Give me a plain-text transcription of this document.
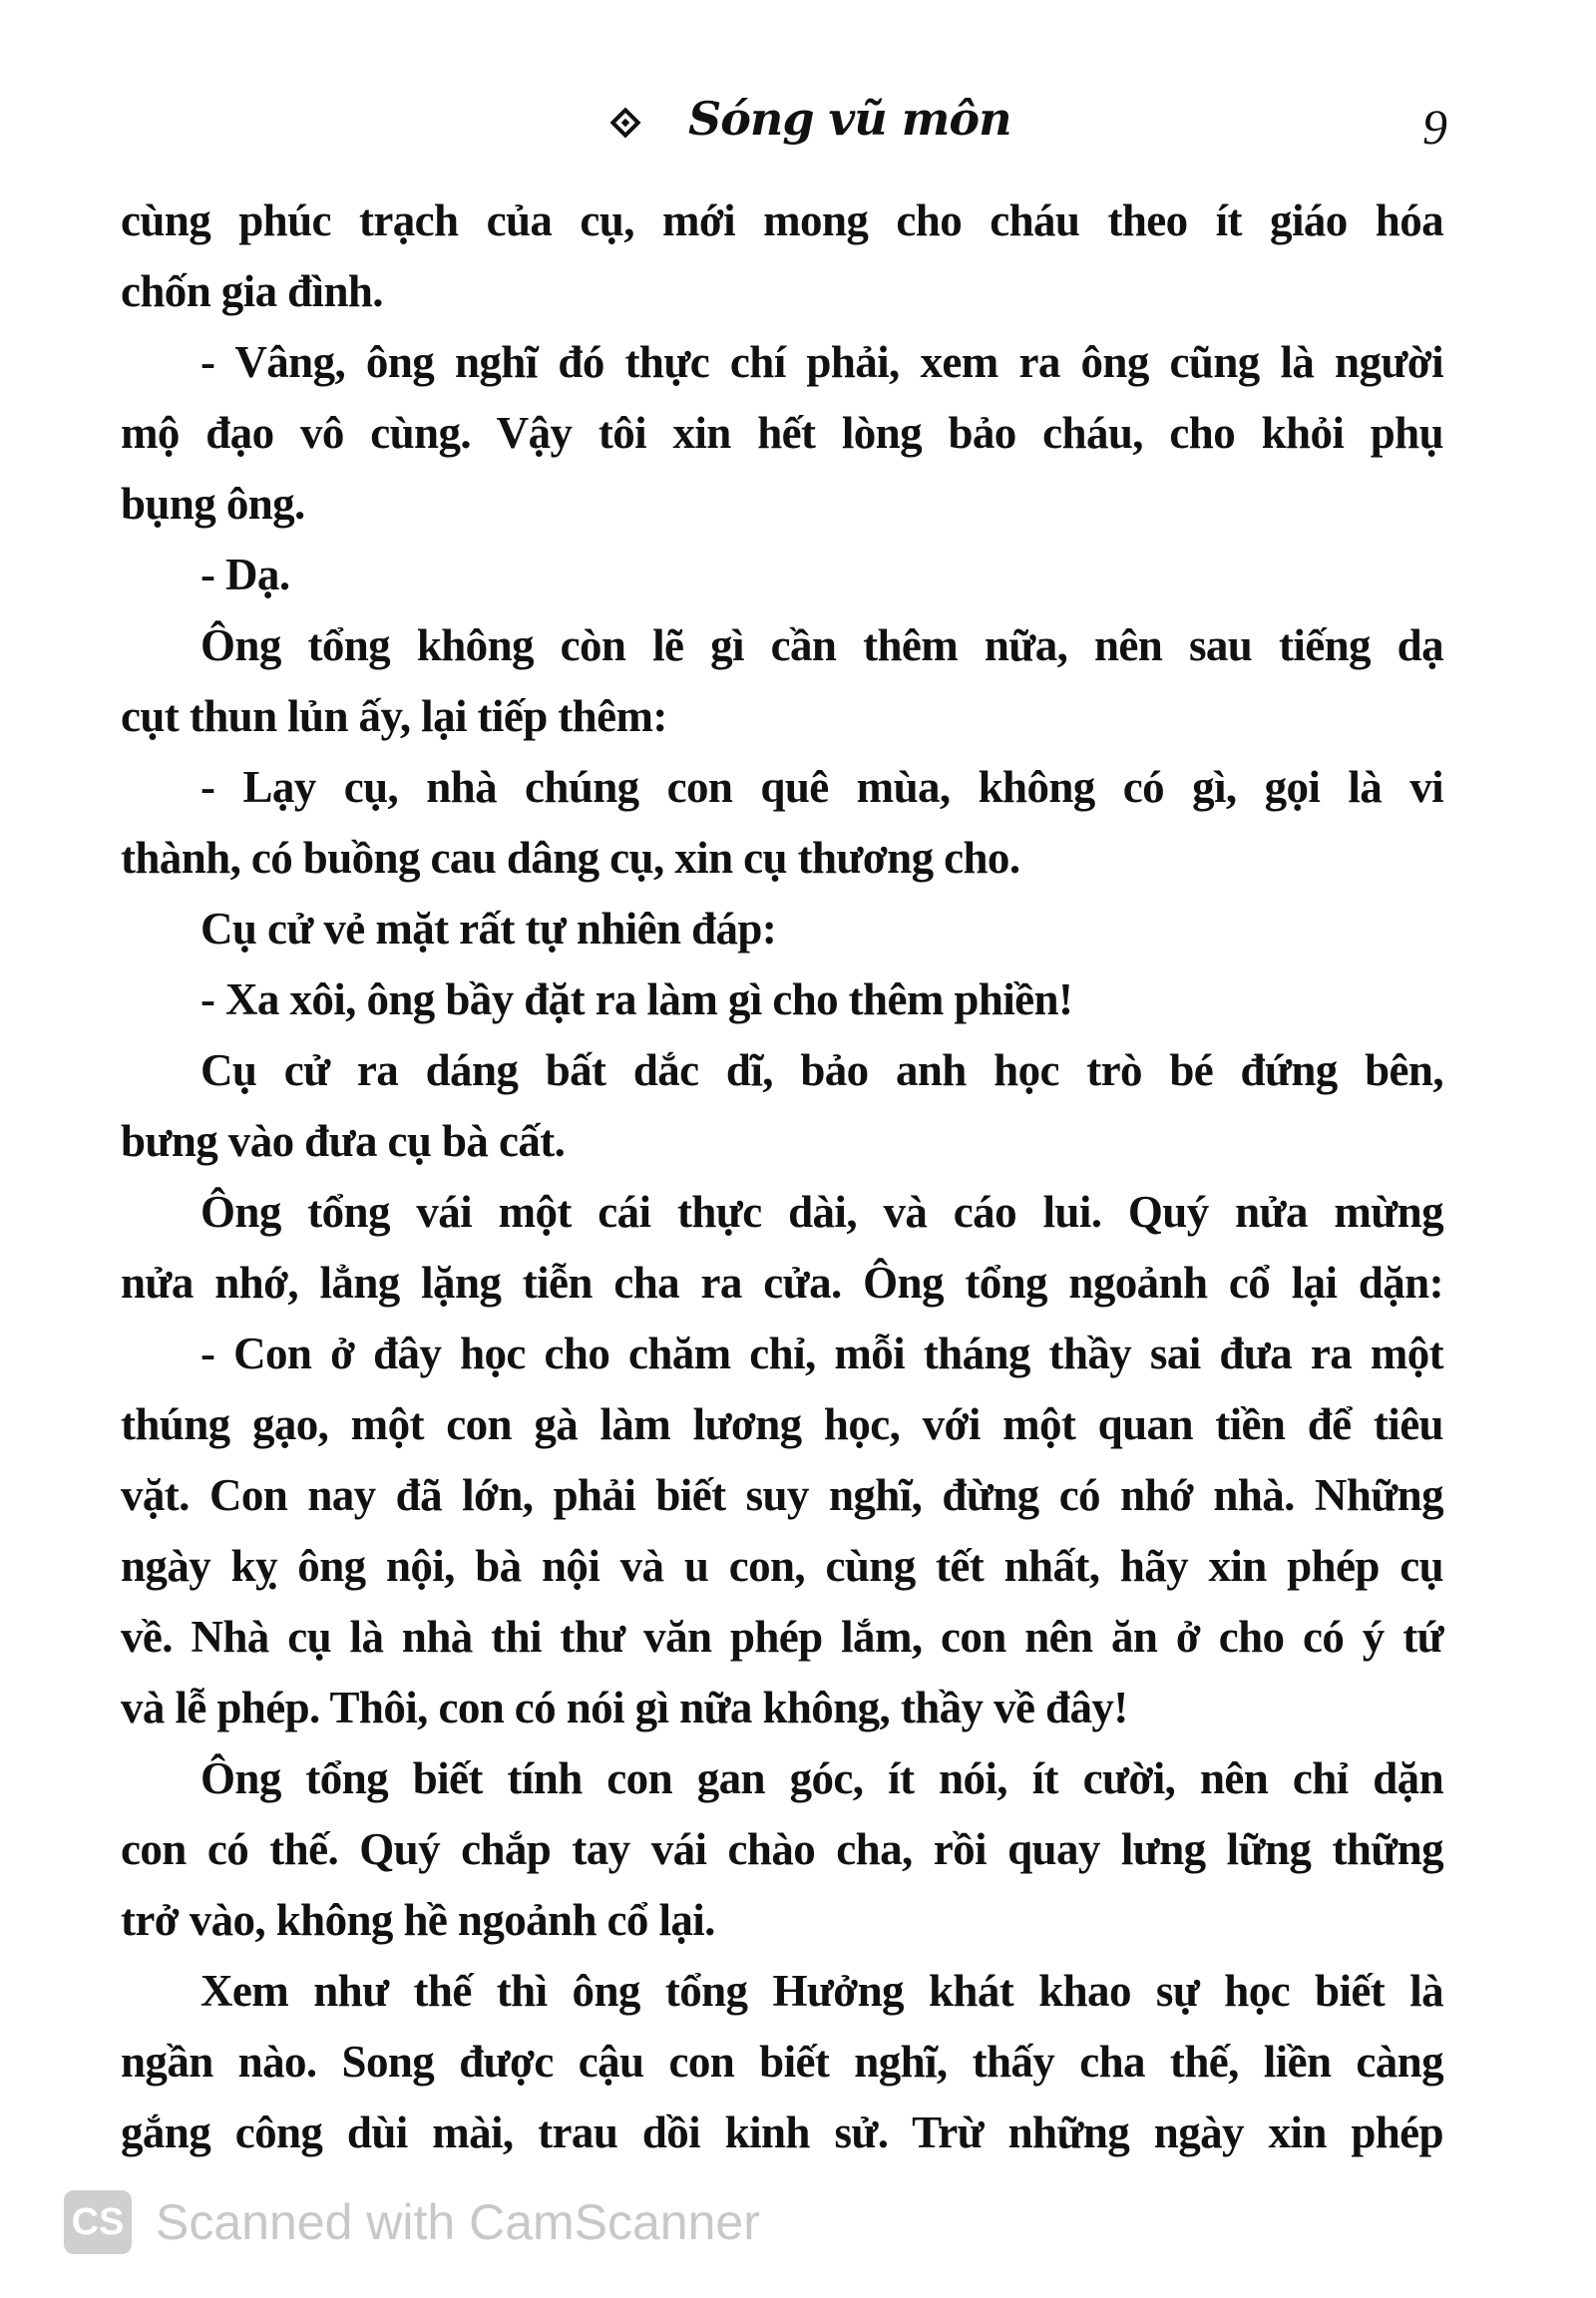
Sóng vũ môn	9
cùng phúc trạch của cụ, mới mong cho cháu theo ít giáo hóa
chốn gia đình.
- Vâng, ông nghĩ đó thực chí phải, xem ra ông cũng là người
mộ đạo vô cùng. Vậy tôi xin hết lòng bảo cháu, cho khỏi phụ
bụng ông.
- Dạ.
Ông tổng không còn lẽ gì cần thêm nữa, nên sau tiếng dạ
cụt thun lủn ấy, lại tiếp thêm:
- Lạy cụ, nhà chúng con quê mùa, không có gì, gọi là vi
thành, có buồng cau dâng cụ, xin cụ thương cho.
Cụ cử vẻ mặt rất tự nhiên đáp:
- Xa xôi, ông bầy đặt ra làm gì cho thêm phiền!
Cụ cử ra dáng bất dắc dĩ, bảo anh học trò bé đứng bên,
bưng vào đưa cụ bà cất.
Ông tổng vái một cái thực dài, và cáo lui. Quý nửa mừng
nửa nhớ, lẳng lặng tiễn cha ra cửa. Ông tổng ngoảnh cổ lại dặn:
- Con ở đây học cho chăm chỉ, mỗi tháng thầy sai đưa ra một
thúng gạo, một con gà làm lương học, với một quan tiền để tiêu
vặt. Con nay đã lớn, phải biết suy nghĩ, đừng có nhớ nhà. Những
ngày kỵ ông nội, bà nội và u con, cùng tết nhất, hãy xin phép cụ
về. Nhà cụ là nhà thi thư văn phép lắm, con nên ăn ở cho có ý tứ
và lễ phép. Thôi, con có nói gì nữa không, thầy về đây!
Ông tổng biết tính con gan góc, ít nói, ít cười, nên chỉ dặn
con có thế. Quý chắp tay vái chào cha, rồi quay lưng lững thững
trở vào, không hề ngoảnh cổ lại.
Xem như thế thì ông tổng Hưởng khát khao sự học biết là
ngần nào. Song được cậu con biết nghĩ, thấy cha thế, liền càng
gắng công dùi mài, trau dồi kinh sử. Trừ những ngày xin phép
CS Scanned with CamScanner
